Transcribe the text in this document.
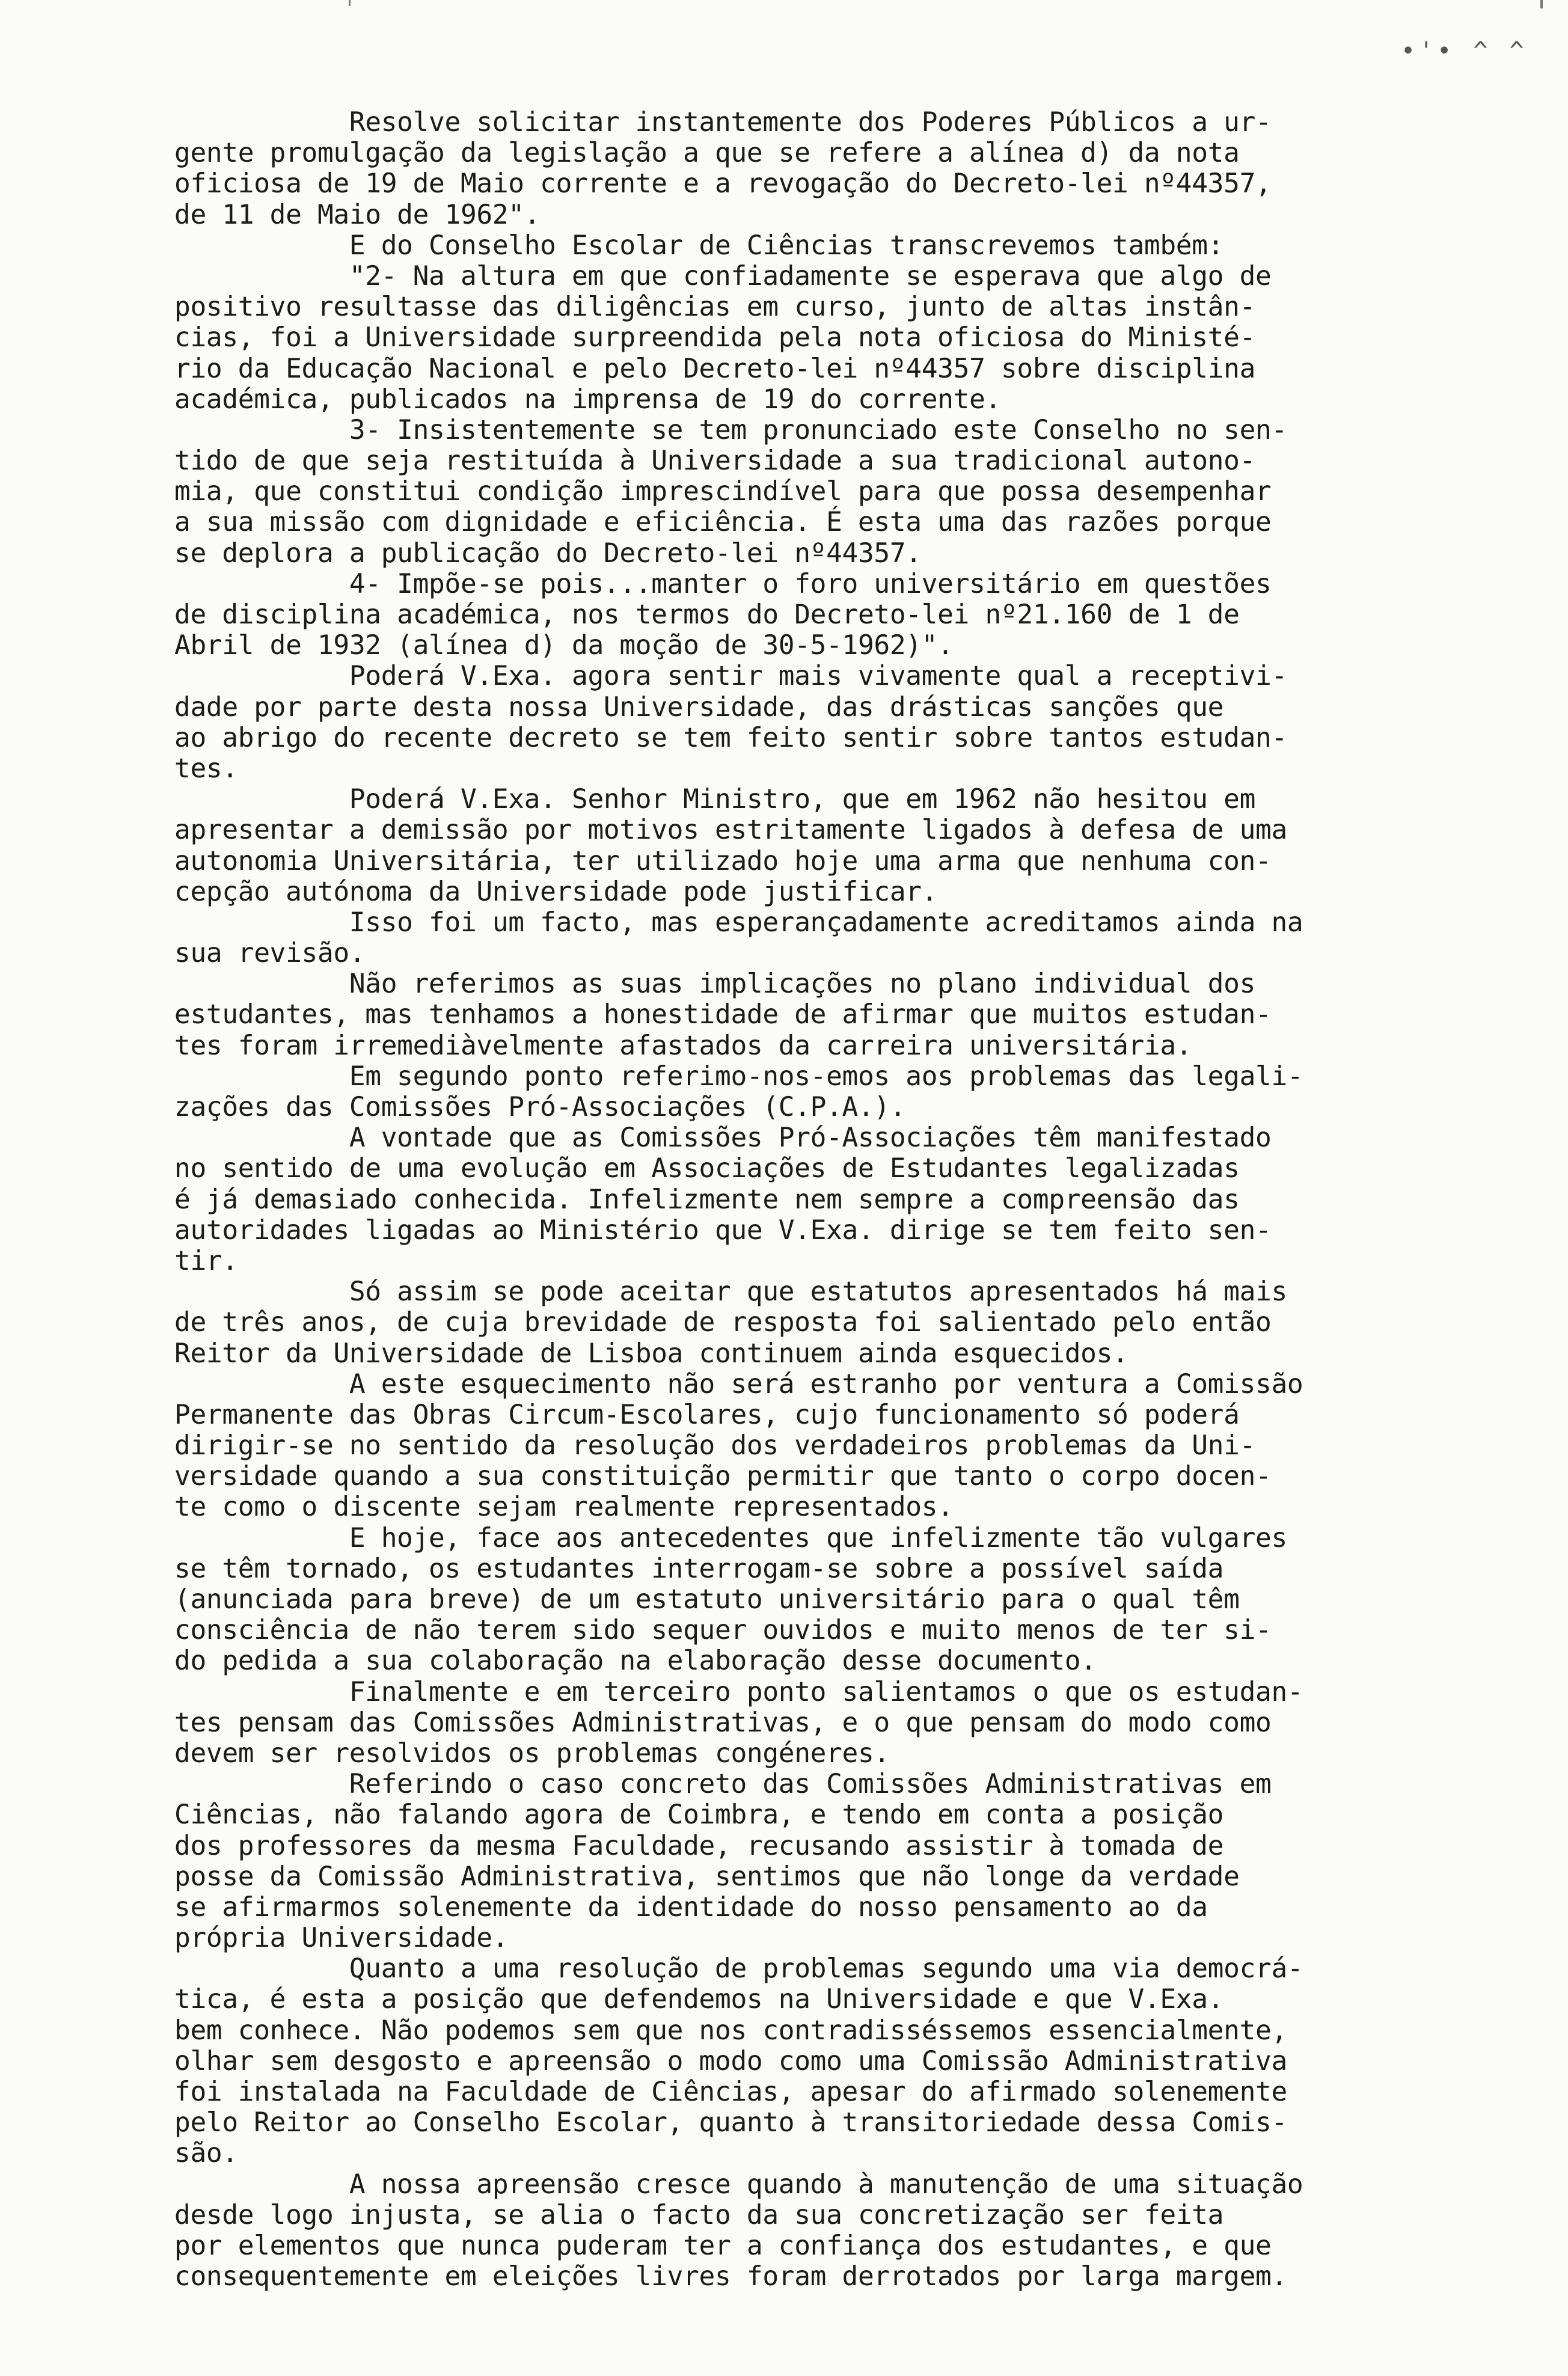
•'• ^ ^
Resolve solicitar instantemente dos Poderes Públicos a ur-
gente promulgação da legislação a que se refere a alínea d) da nota
oficiosa de 19 de Maio corrente e a revogação do Decreto-lei nº44357,
de 11 de Maio de 1962".
E do Conselho Escolar de Ciências transcrevemos também:
"2- Na altura em que confiadamente se esperava que algo de
positivo resultasse das diligências em curso, junto de altas instân-
cias, foi a Universidade surpreendida pela nota oficiosa do Ministé-
rio da Educação Nacional e pelo Decreto-lei nº44357 sobre disciplina
académica, publicados na imprensa de 19 do corrente.
3- Insistentemente se tem pronunciado este Conselho no sen-
tido de que seja restituída à Universidade a sua tradicional autono-
mia, que constitui condição imprescindível para que possa desempenhar
a sua missão com dignidade e eficiência. É esta uma das razões porque
se deplora a publicação do Decreto-lei nº44357.
4- Impõe-se pois...manter o foro universitário em questões
de disciplina académica, nos termos do Decreto-lei nº21.160 de 1 de
Abril de 1932 (alínea d) da moção de 30-5-1962)".
Poderá V.Exa. agora sentir mais vivamente qual a receptivi-
dade por parte desta nossa Universidade, das drásticas sanções que
ao abrigo do recente decreto se tem feito sentir sobre tantos estudan-
tes.
Poderá V.Exa. Senhor Ministro, que em 1962 não hesitou em
apresentar a demissão por motivos estritamente ligados à defesa de uma
autonomia Universitária, ter utilizado hoje uma arma que nenhuma con-
cepção autónoma da Universidade pode justificar.
Isso foi um facto, mas esperançadamente acreditamos ainda na
sua revisão.
Não referimos as suas implicações no plano individual dos
estudantes, mas tenhamos a honestidade de afirmar que muitos estudan-
tes foram irremediàvelmente afastados da carreira universitária.
Em segundo ponto referimo-nos-emos aos problemas das legali-
zações das Comissões Pró-Associações (C.P.A.).
A vontade que as Comissões Pró-Associações têm manifestado
no sentido de uma evolução em Associações de Estudantes legalizadas
é já demasiado conhecida. Infelizmente nem sempre a compreensão das
autoridades ligadas ao Ministério que V.Exa. dirige se tem feito sen-
tir.
Só assim se pode aceitar que estatutos apresentados há mais
de três anos, de cuja brevidade de resposta foi salientado pelo então
Reitor da Universidade de Lisboa continuem ainda esquecidos.
A este esquecimento não será estranho por ventura a Comissão
Permanente das Obras Circum-Escolares, cujo funcionamento só poderá
dirigir-se no sentido da resolução dos verdadeiros problemas da Uni-
versidade quando a sua constituição permitir que tanto o corpo docen-
te como o discente sejam realmente representados.
E hoje, face aos antecedentes que infelizmente tão vulgares
se têm tornado, os estudantes interrogam-se sobre a possível saída
(anunciada para breve) de um estatuto universitário para o qual têm
consciência de não terem sido sequer ouvidos e muito menos de ter si-
do pedida a sua colaboração na elaboração desse documento.
Finalmente e em terceiro ponto salientamos o que os estudan-
tes pensam das Comissões Administrativas, e o que pensam do modo como
devem ser resolvidos os problemas congéneres.
Referindo o caso concreto das Comissões Administrativas em
Ciências, não falando agora de Coimbra, e tendo em conta a posição
dos professores da mesma Faculdade, recusando assistir à tomada de
posse da Comissão Administrativa, sentimos que não longe da verdade
se afirmarmos solenemente da identidade do nosso pensamento ao da
própria Universidade.
Quanto a uma resolução de problemas segundo uma via democrá-
tica, é esta a posição que defendemos na Universidade e que V.Exa.
bem conhece. Não podemos sem que nos contradisséssemos essencialmente,
olhar sem desgosto e apreensão o modo como uma Comissão Administrativa
foi instalada na Faculdade de Ciências, apesar do afirmado solenemente
pelo Reitor ao Conselho Escolar, quanto à transitoriedade dessa Comis-
são.
A nossa apreensão cresce quando à manutenção de uma situação
desde logo injusta, se alia o facto da sua concretização ser feita
por elementos que nunca puderam ter a confiança dos estudantes, e que
consequentemente em eleições livres foram derrotados por larga margem.
